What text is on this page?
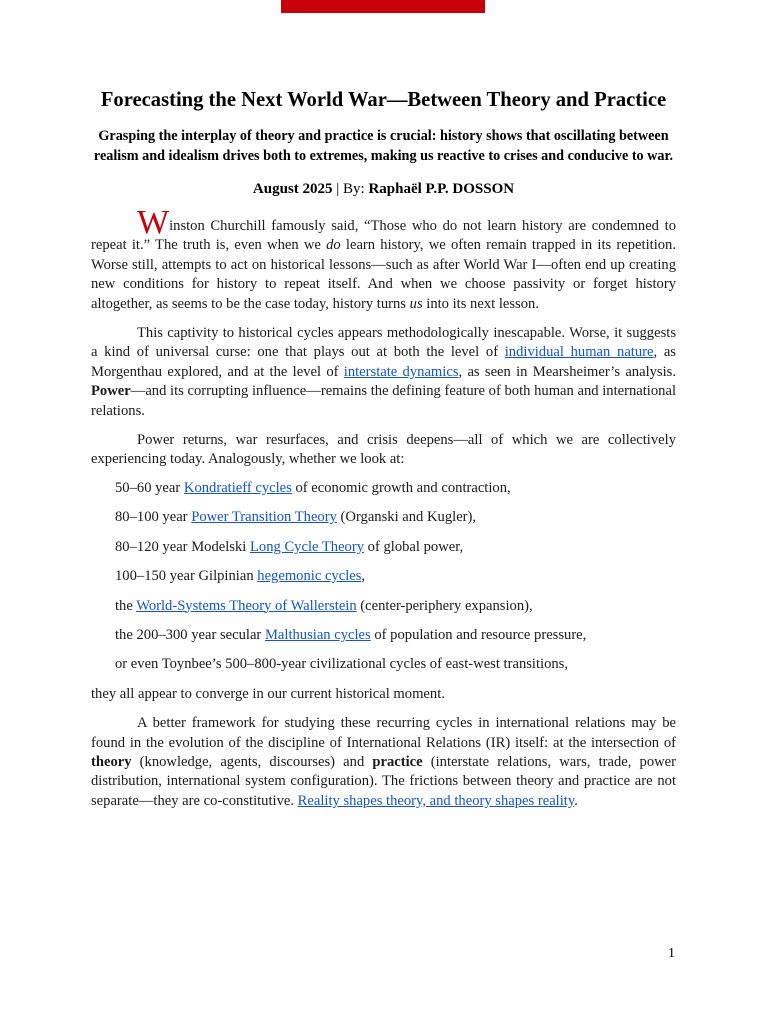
Forecasting the Next World War—Between Theory and Practice

Grasping the interplay of theory and practice is crucial: history shows that oscillating between realism and idealism drives both to extremes, making us reactive to crises and conducive to war.

August 2025 | By: Raphaël P.P. DOSSON

Winston Churchill famously said, “Those who do not learn history are condemned to repeat it.” The truth is, even when we do learn history, we often remain trapped in its repetition. Worse still, attempts to act on historical lessons—such as after World War I—often end up creating new conditions for history to repeat itself. And when we choose passivity or forget history altogether, as seems to be the case today, history turns us into its next lesson.

This captivity to historical cycles appears methodologically inescapable. Worse, it suggests a kind of universal curse: one that plays out at both the level of individual human nature, as Morgenthau explored, and at the level of interstate dynamics, as seen in Mearsheimer’s analysis. Power—and its corrupting influence—remains the defining feature of both human and international relations.

Power returns, war resurfaces, and crisis deepens—all of which we are collectively experiencing today. Analogously, whether we look at:

50–60 year Kondratieff cycles of economic growth and contraction,

80–100 year Power Transition Theory (Organski and Kugler),

80–120 year Modelski Long Cycle Theory of global power,

100–150 year Gilpinian hegemonic cycles,

the World-Systems Theory of Wallerstein (center-periphery expansion),

the 200–300 year secular Malthusian cycles of population and resource pressure,

or even Toynbee’s 500–800-year civilizational cycles of east-west transitions,

they all appear to converge in our current historical moment.

A better framework for studying these recurring cycles in international relations may be found in the evolution of the discipline of International Relations (IR) itself: at the intersection of theory (knowledge, agents, discourses) and practice (interstate relations, wars, trade, power distribution, international system configuration). The frictions between theory and practice are not separate—they are co-constitutive. Reality shapes theory, and theory shapes reality.

1
